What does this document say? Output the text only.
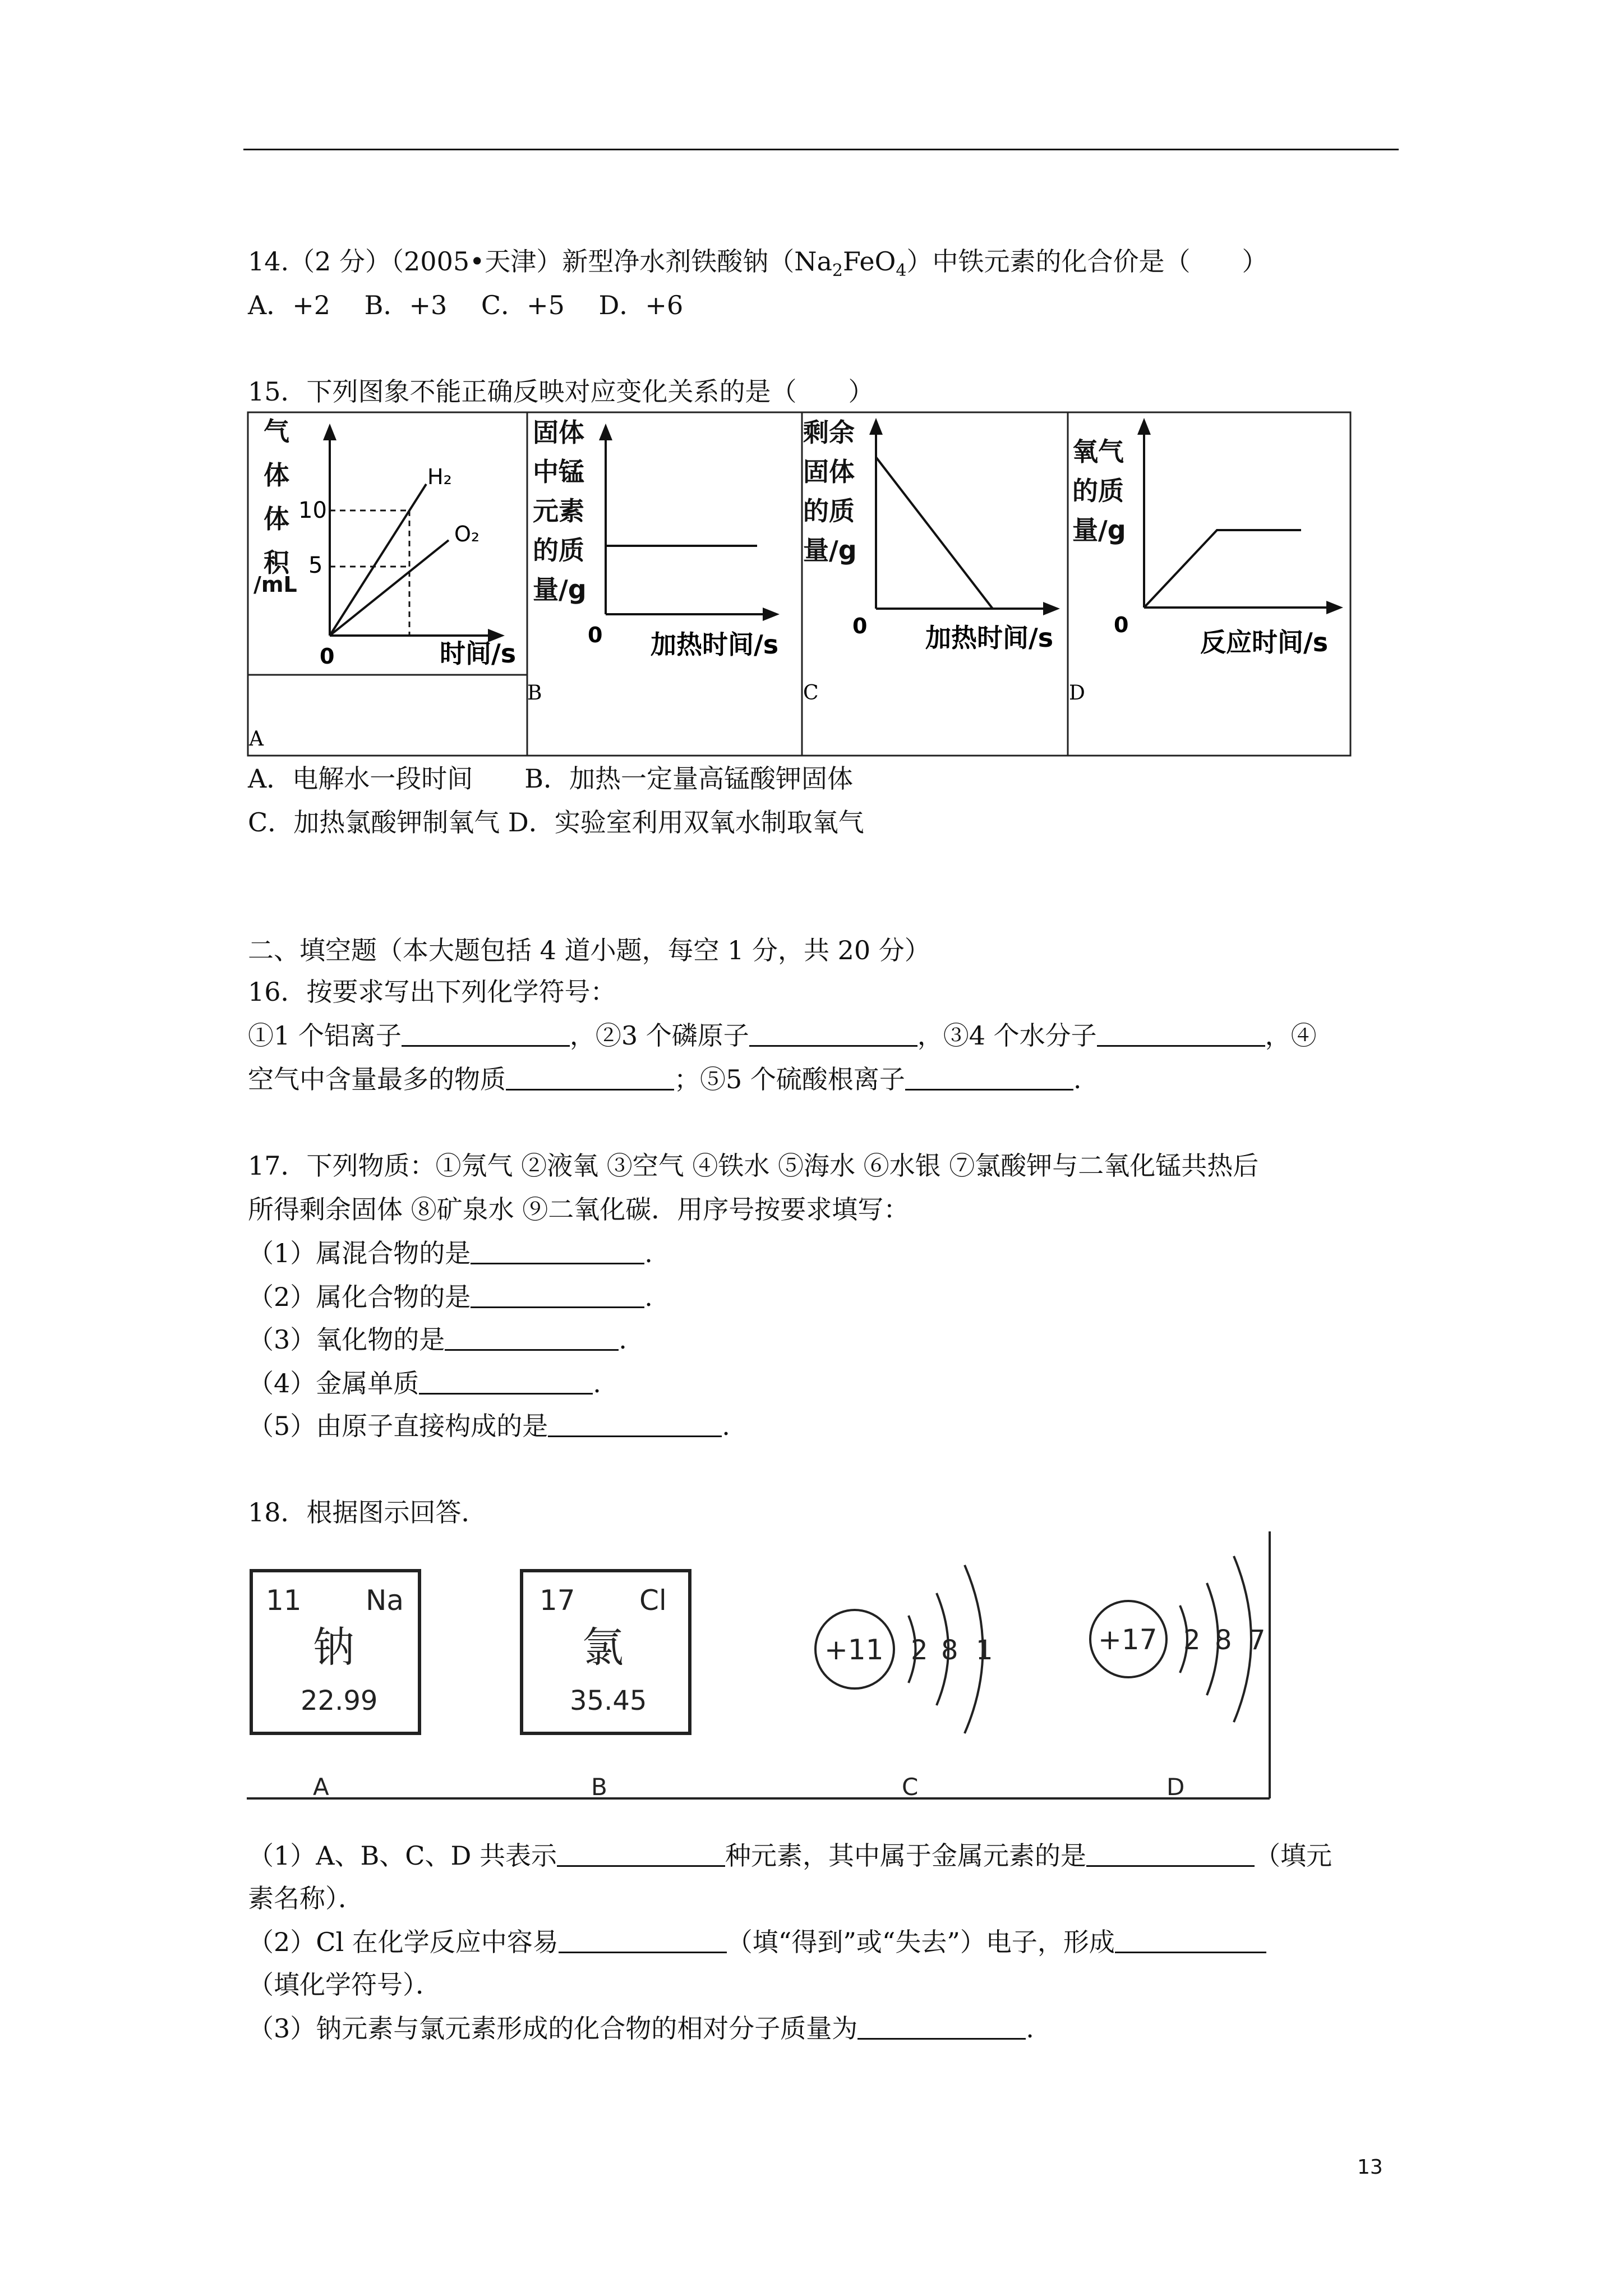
14.（2 分）（2005•天津）新型净水剂铁酸钠$(Na_2FeO_4)$中铁元素的化合价是（　　）
A．+2　 B．+3　 C．+5　 D．+6
15．下列图象不能正确反映对应变化关系的是（　　）
气
体
体
积
/mL
10
5
H₂
O₂
0	时间/s
A
固体
中锰
元素
的质
量/g
0 加热时间/s
B
剩余
固体
的质
量/g
0 加热时间/s
C
氧气
的质
量/g
0
反应时间/s
D
A．电解水一段时间　　B．加热一定量高锰酸钾固体
C．加热氯酸钾制氧气 D．实验室利用双氧水制取氧气
二、填空题（本大题包括 4 道小题，每空 1 分，共 20 分）
16．按要求写出下列化学符号：
①1 个铝离子	，②3 个磷原子	，③4 个水分子	，④
空气中含量最多的物质	；⑤5 个硫酸根离子	.
17．下列物质：①氖气 ②液氧 ③空气 ④铁水 ⑤海水 ⑥水银 ⑦氯酸钾与二氧化锰共热后
所得剩余固体 ⑧矿泉水 ⑨二氧化碳．用序号按要求填写：
（1）属混合物的是	.
（2）属化合物的是	.
（3）氧化物的是	.
（4）金属单质	.
（5）由原子直接构成的是	.
18．根据图示回答．
11 Na
钠
22.99
17 Cl
氯
35.45
+11 2 8 1	+17 2 8 7
A	B	C	D
（1）A、B、C、D 共表示	种元素，其中属于金属元素的是	（填元
素名称）．
（2）Cl 在化学反应中容易	（填“得到”或“失去”）电子，形成
（填化学符号）．
（3）钠元素与氯元素形成的化合物的相对分子质量为	.
13
